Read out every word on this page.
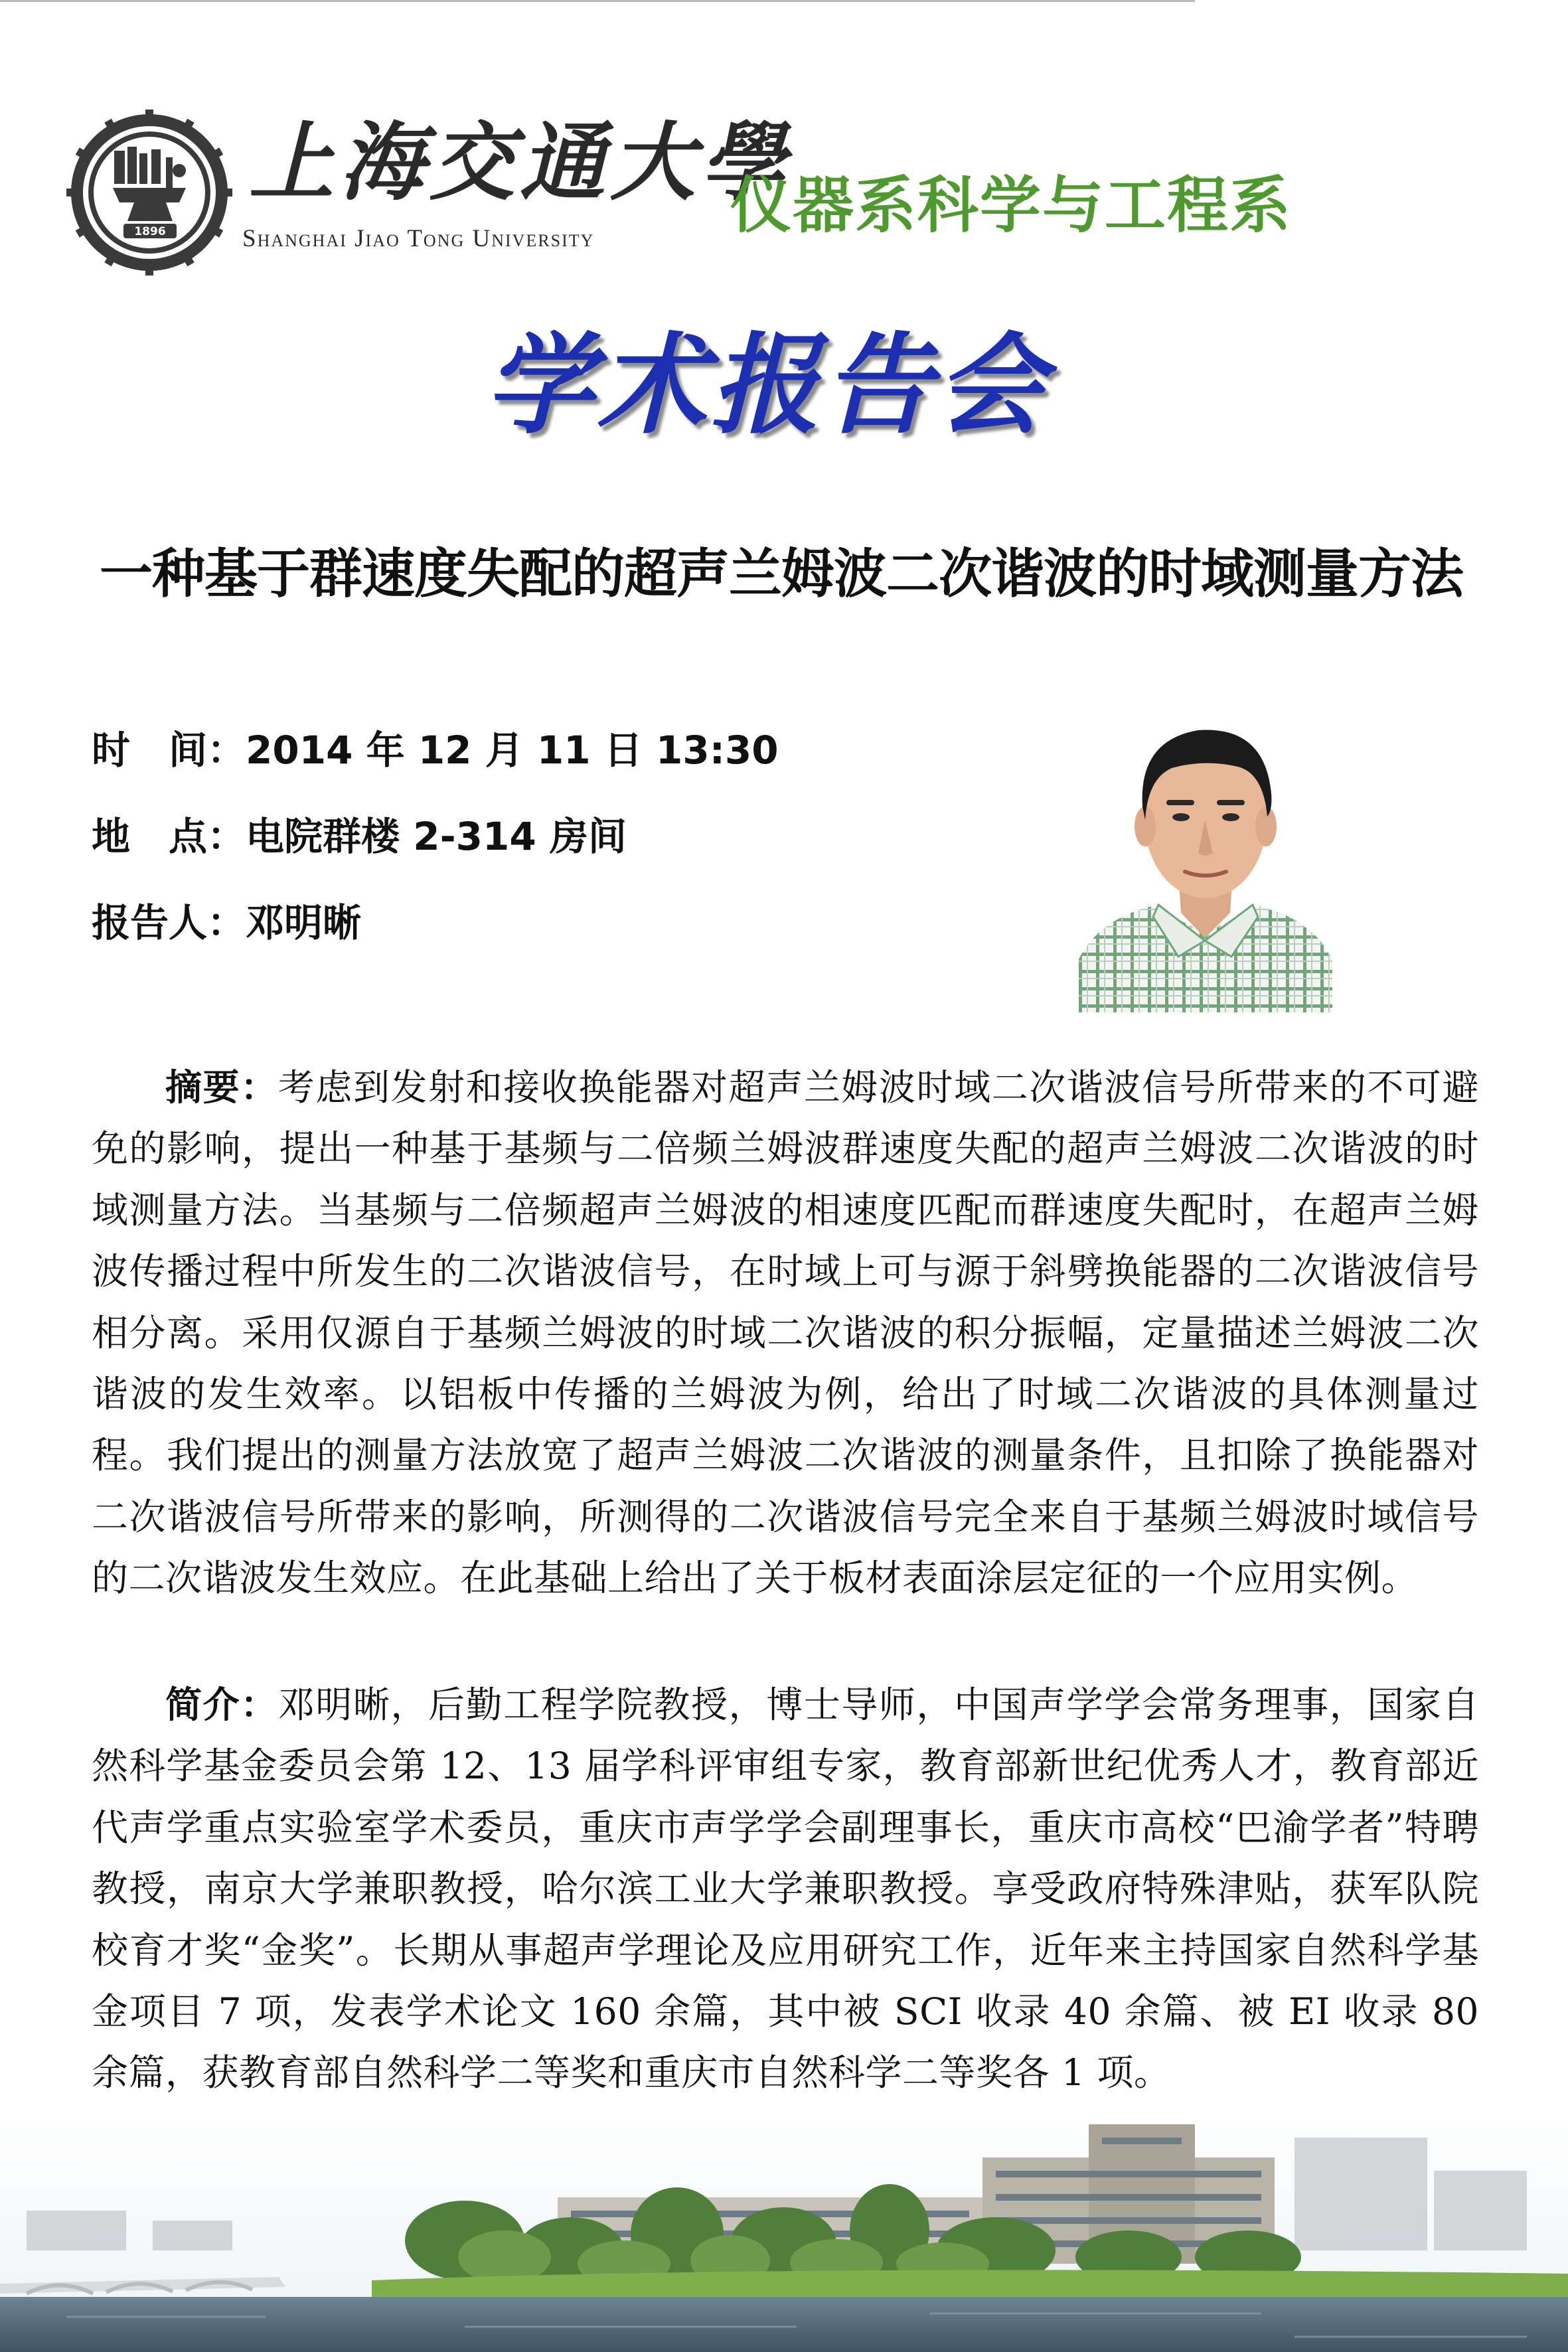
1896
上海交通大學
Shanghai Jiao Tong University	仪器系科学与工程系
学术报告会
一种基于群速度失配的超声兰姆波二次谐波的时域测量方法
时　间：2014 年 12 月 11 日 13:30
地　点：电院群楼 2-314 房间
报告人：邓明晰
摘要：考虑到发射和接收换能器对超声兰姆波时域二次谐波信号所带来的不可避免的影响，提出一种基于基频与二倍频兰姆波群速度失配的超声兰姆波二次谐波的时域测量方法。当基频与二倍频超声兰姆波的相速度匹配而群速度失配时，在超声兰姆波传播过程中所发生的二次谐波信号，在时域上可与源于斜劈换能器的二次谐波信号相分离。采用仅源自于基频兰姆波的时域二次谐波的积分振幅，定量描述兰姆波二次谐波的发生效率。以铝板中传播的兰姆波为例，给出了时域二次谐波的具体测量过程。我们提出的测量方法放宽了超声兰姆波二次谐波的测量条件，且扣除了换能器对二次谐波信号所带来的影响，所测得的二次谐波信号完全来自于基频兰姆波时域信号的二次谐波发生效应。在此基础上给出了关于板材表面涂层定征的一个应用实例。
简介：邓明晰，后勤工程学院教授，博士导师，中国声学学会常务理事，国家自然科学基金委员会第 12、13 届学科评审组专家，教育部新世纪优秀人才，教育部近代声学重点实验室学术委员，重庆市声学学会副理事长，重庆市高校“巴渝学者”特聘教授，南京大学兼职教授，哈尔滨工业大学兼职教授。享受政府特殊津贴，获军队院校育才奖“金奖”。长期从事超声学理论及应用研究工作，近年来主持国家自然科学基金项目 7 项，发表学术论文 160 余篇，其中被 SCI 收录 40 余篇、被 EI 收录 80 余篇，获教育部自然科学二等奖和重庆市自然科学二等奖各 1 项。
